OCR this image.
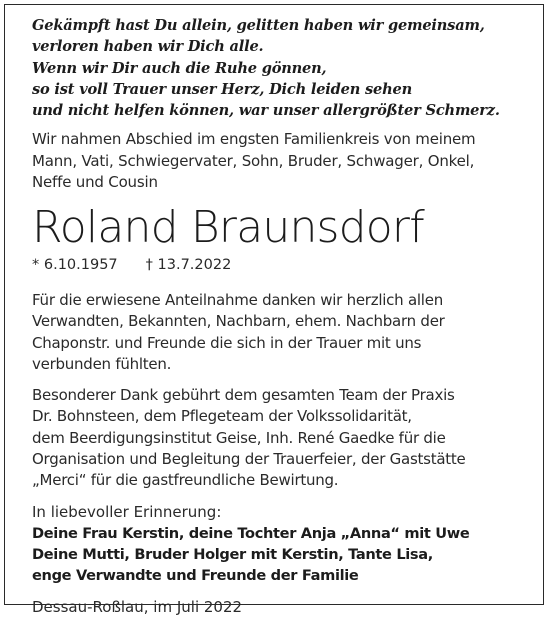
Gekämpft hast Du allein, gelitten haben wir gemeinsam,
verloren haben wir Dich alle.
Wenn wir Dir auch die Ruhe gönnen,
so ist voll Trauer unser Herz, Dich leiden sehen
und nicht helfen können, war unser allergrößter Schmerz.
Wir nahmen Abschied im engsten Familienkreis von meinem
Mann, Vati, Schwiegervater, Sohn, Bruder, Schwager, Onkel,
Neffe und Cousin
Roland Braunsdorf
* 6.10.1957 † 13.7.2022
Für die erwiesene Anteilnahme danken wir herzlich allen
Verwandten, Bekannten, Nachbarn, ehem. Nachbarn der
Chaponstr. und Freunde die sich in der Trauer mit uns
verbunden fühlten.
Besonderer Dank gebührt dem gesamten Team der Praxis
Dr. Bohnsteen, dem Pflegeteam der Volkssolidarität,
dem Beerdigungsinstitut Geise, Inh. René Gaedke für die
Organisation und Begleitung der Trauerfeier, der Gaststätte
„Merci“ für die gastfreundliche Bewirtung.
In liebevoller Erinnerung:
Deine Frau Kerstin, deine Tochter Anja „Anna“ mit Uwe
Deine Mutti, Bruder Holger mit Kerstin, Tante Lisa,
enge Verwandte und Freunde der Familie
Dessau-Roßlau, im Juli 2022
